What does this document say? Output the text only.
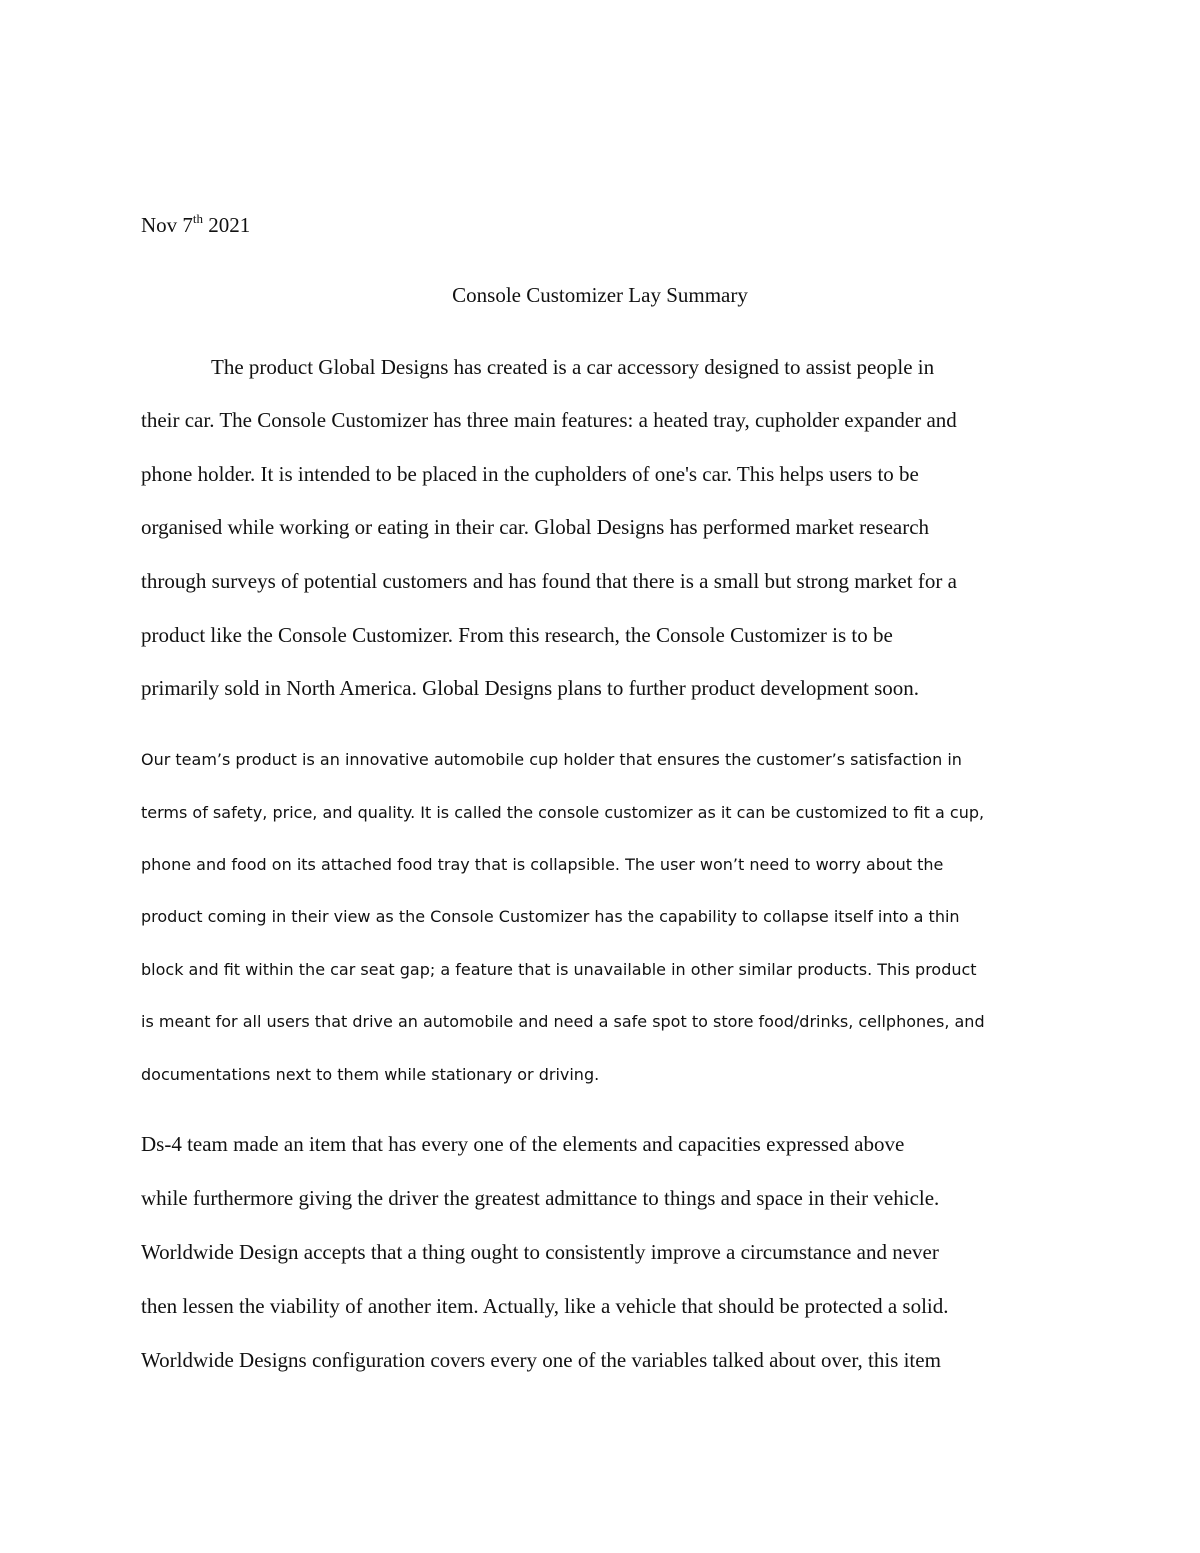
Nov 7th 2021
Console Customizer Lay Summary
The product Global Designs has created is a car accessory designed to assist people in
their car. The Console Customizer has three main features: a heated tray, cupholder expander and
phone holder. It is intended to be placed in the cupholders of one's car. This helps users to be
organised while working or eating in their car. Global Designs has performed market research
through surveys of potential customers and has found that there is a small but strong market for a
product like the Console Customizer. From this research, the Console Customizer is to be
primarily sold in North America. Global Designs plans to further product development soon.
Our team’s product is an innovative automobile cup holder that ensures the customer’s satisfaction in
terms of safety, price, and quality. It is called the console customizer as it can be customized to fit a cup,
phone and food on its attached food tray that is collapsible. The user won’t need to worry about the
product coming in their view as the Console Customizer has the capability to collapse itself into a thin
block and fit within the car seat gap; a feature that is unavailable in other similar products. This product
is meant for all users that drive an automobile and need a safe spot to store food/drinks, cellphones, and
documentations next to them while stationary or driving.
Ds-4 team made an item that has every one of the elements and capacities expressed above
while furthermore giving the driver the greatest admittance to things and space in their vehicle.
Worldwide Design accepts that a thing ought to consistently improve a circumstance and never
then lessen the viability of another item. Actually, like a vehicle that should be protected a solid.
Worldwide Designs configuration covers every one of the variables talked about over, this item
